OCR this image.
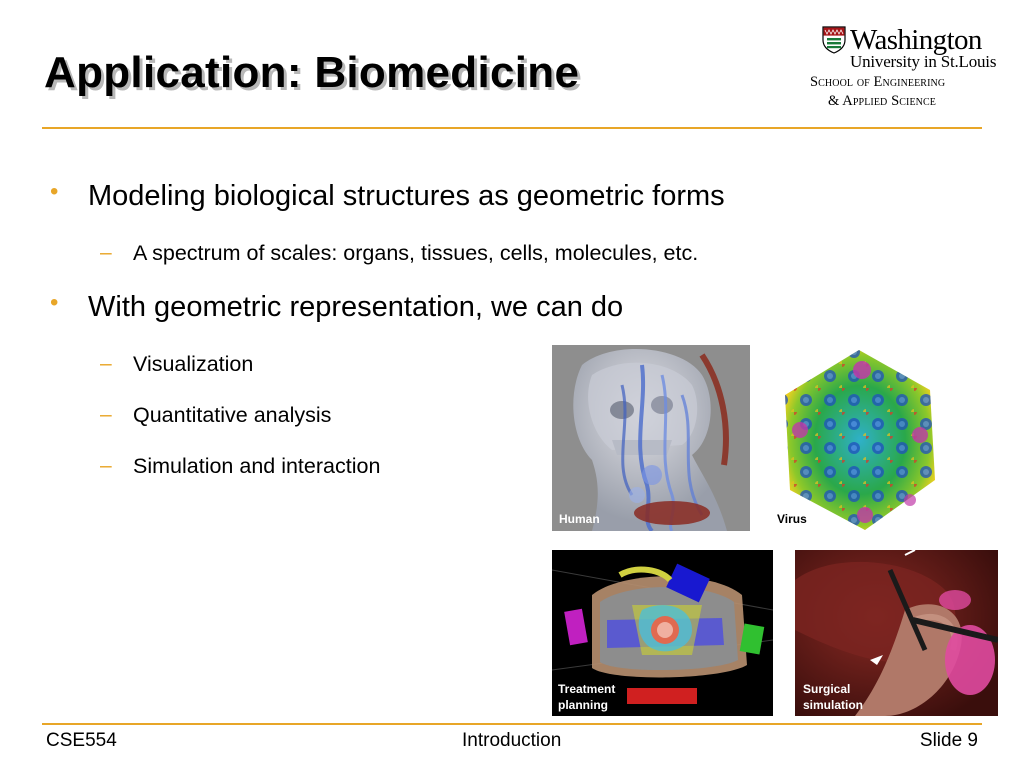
Application: Biomedicine
Washington
University in St.Louis
School of Engineering
& Applied Science
• Modeling biological structures as geometric forms
– A spectrum of scales: organs, tissues, cells, molecules, etc.
• With geometric representation, we can do
– Visualization
– Quantitative analysis
– Simulation and interaction
Human	Virus
Treatment
planning
Surgical
simulation
CSE554	Introduction	Slide 9
